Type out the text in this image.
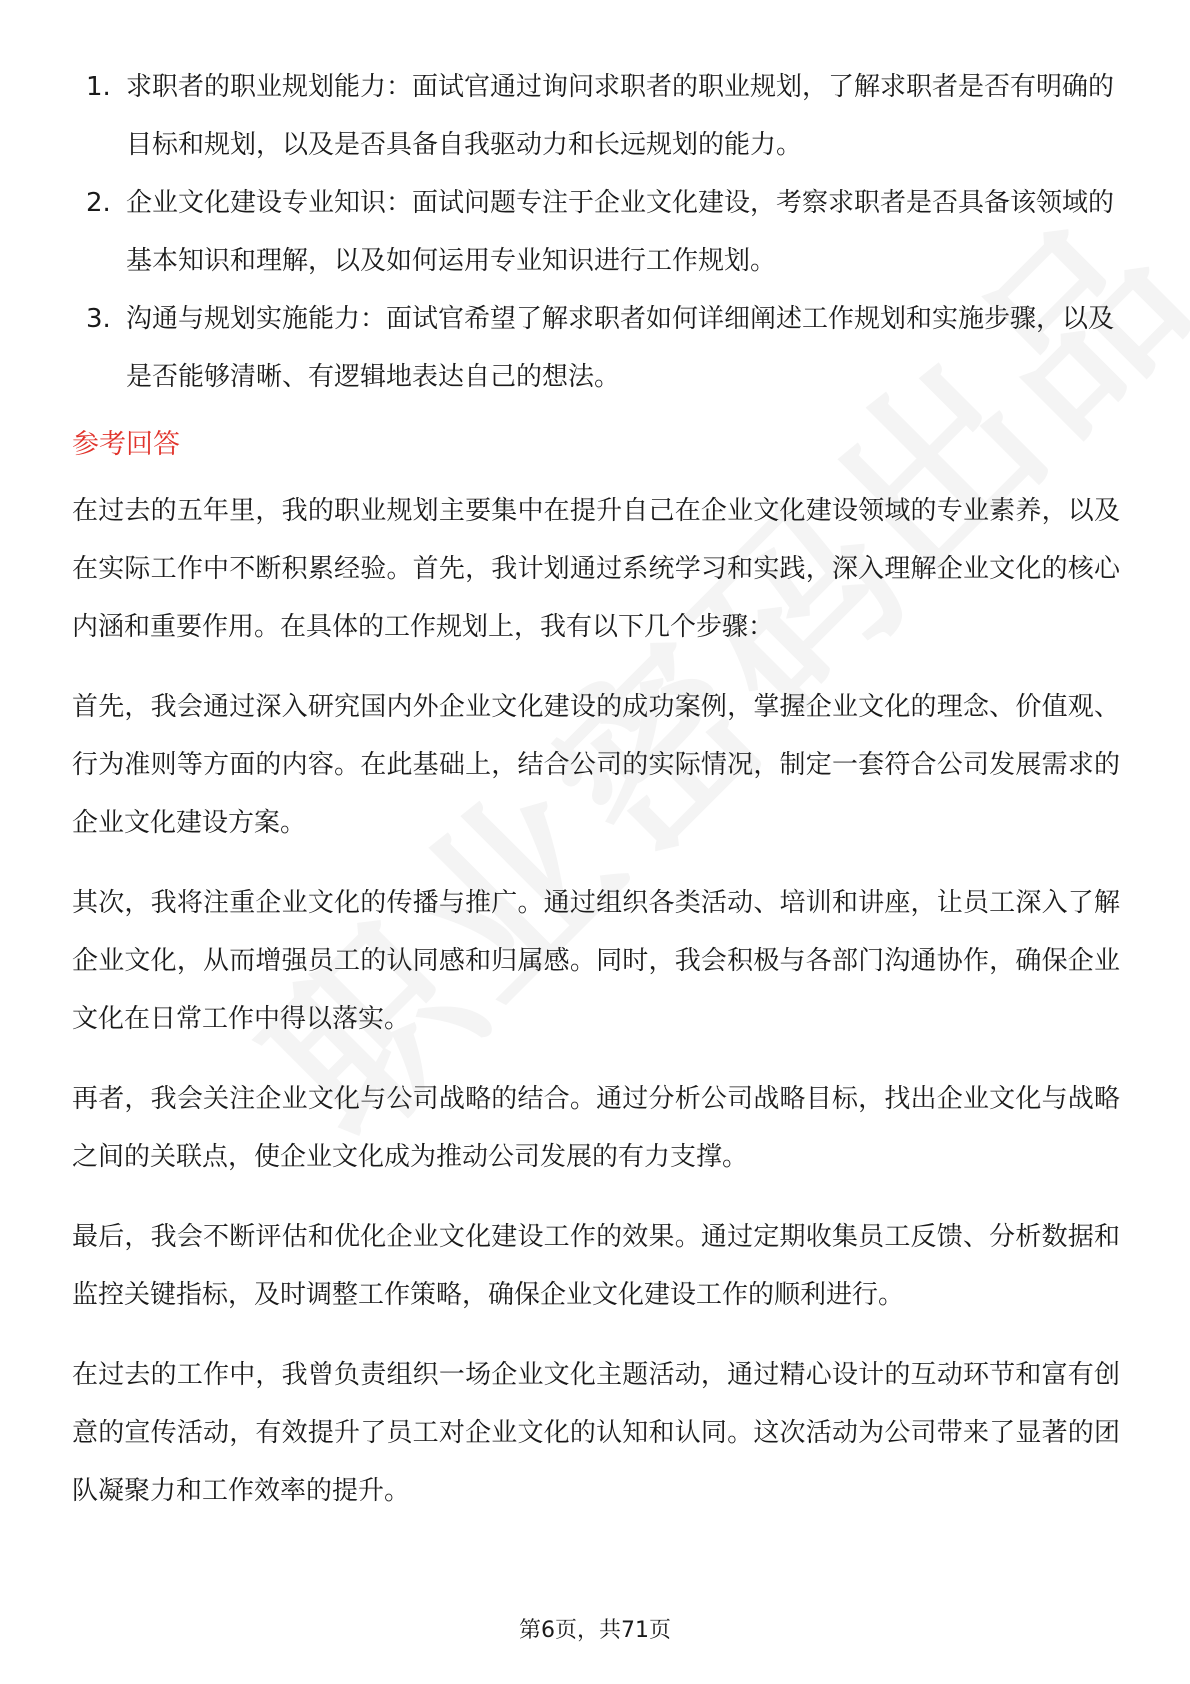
1. 求职者的职业规划能力：面试官通过询问求职者的职业规划，了解求职者是否有明确的目标和规划，以及是否具备自我驱动力和长远规划的能力。
2. 企业文化建设专业知识：面试问题专注于企业文化建设，考察求职者是否具备该领域的基本知识和理解，以及如何运用专业知识进行工作规划。
3. 沟通与规划实施能力：面试官希望了解求职者如何详细阐述工作规划和实施步骤，以及是否能够清晰、有逻辑地表达自己的想法。
参考回答

在过去的五年里，我的职业规划主要集中在提升自己在企业文化建设领域的专业素养，以及在实际工作中不断积累经验。首先，我计划通过系统学习和实践，深入理解企业文化的核心内涵和重要作用。在具体的工作规划上，我有以下几个步骤：

首先，我会通过深入研究国内外企业文化建设的成功案例，掌握企业文化的理念、价值观、行为准则等方面的内容。在此基础上，结合公司的实际情况，制定一套符合公司发展需求的企业文化建设方案。

其次，我将注重企业文化的传播与推广。通过组织各类活动、培训和讲座，让员工深入了解企业文化，从而增强员工的认同感和归属感。同时，我会积极与各部门沟通协作，确保企业文化在日常工作中得以落实。

再者，我会关注企业文化与公司战略的结合。通过分析公司战略目标，找出企业文化与战略之间的关联点，使企业文化成为推动公司发展的有力支撑。

最后，我会不断评估和优化企业文化建设工作的效果。通过定期收集员工反馈、分析数据和监控关键指标，及时调整工作策略，确保企业文化建设工作的顺利进行。

在过去的工作中，我曾负责组织一场企业文化主题活动，通过精心设计的互动环节和富有创意的宣传活动，有效提升了员工对企业文化的认知和认同。这次活动为公司带来了显著的团队凝聚力和工作效率的提升。

第6页，共71页
